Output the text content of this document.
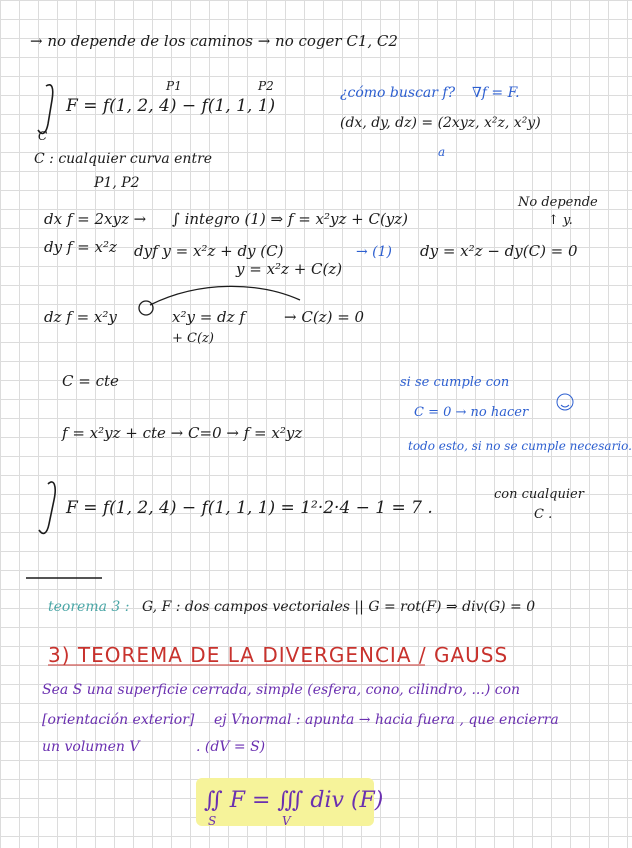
→ no depende de los caminos → no coger C1, C2
P1	P2
F = f(1, 2, 4) − f(1, 1, 1)
C
¿cómo buscar f? ∇f = F.
(dx, dy, dz) = (2xyz, x²z, x²y)
a
C : cualquier curva entre
P1, P2
dx f = 2xyz → ∫ integro (1) ⇒ f = x²yz + C(yz)
No depende
↑ y.
dy f = x²z dyf y = x²z + dy (C)	→ (1) dy = x²z − dy(C) = 0
y = x²z + C(z)
dz f = x²y	x²y = dz f
+ C(z)
→ C(z) = 0
C = cte	si se cumple con
C = 0 → no hacer
f = x²yz + cte → C=0 → f = x²yz
todo esto, si no se cumple necesario.
F = f(1, 2, 4) − f(1, 1, 1) = 1²·2·4 − 1 = 7 .
con cualquier
C .
teorema 3 : G, F : dos campos vectoriales || G = rot(F) ⇒ div(G) = 0
3) TEOREMA DE LA DIVERGENCIA / GAUSS
Sea S una superficie cerrada, simple (esfera, cono, cilindro, ...) con
[orientación exterior] ej Vnormal : apunta → hacia fuera , que encierra
un volumen V	. (dV = S)
∬ F = ∭ div (F)
S	V
